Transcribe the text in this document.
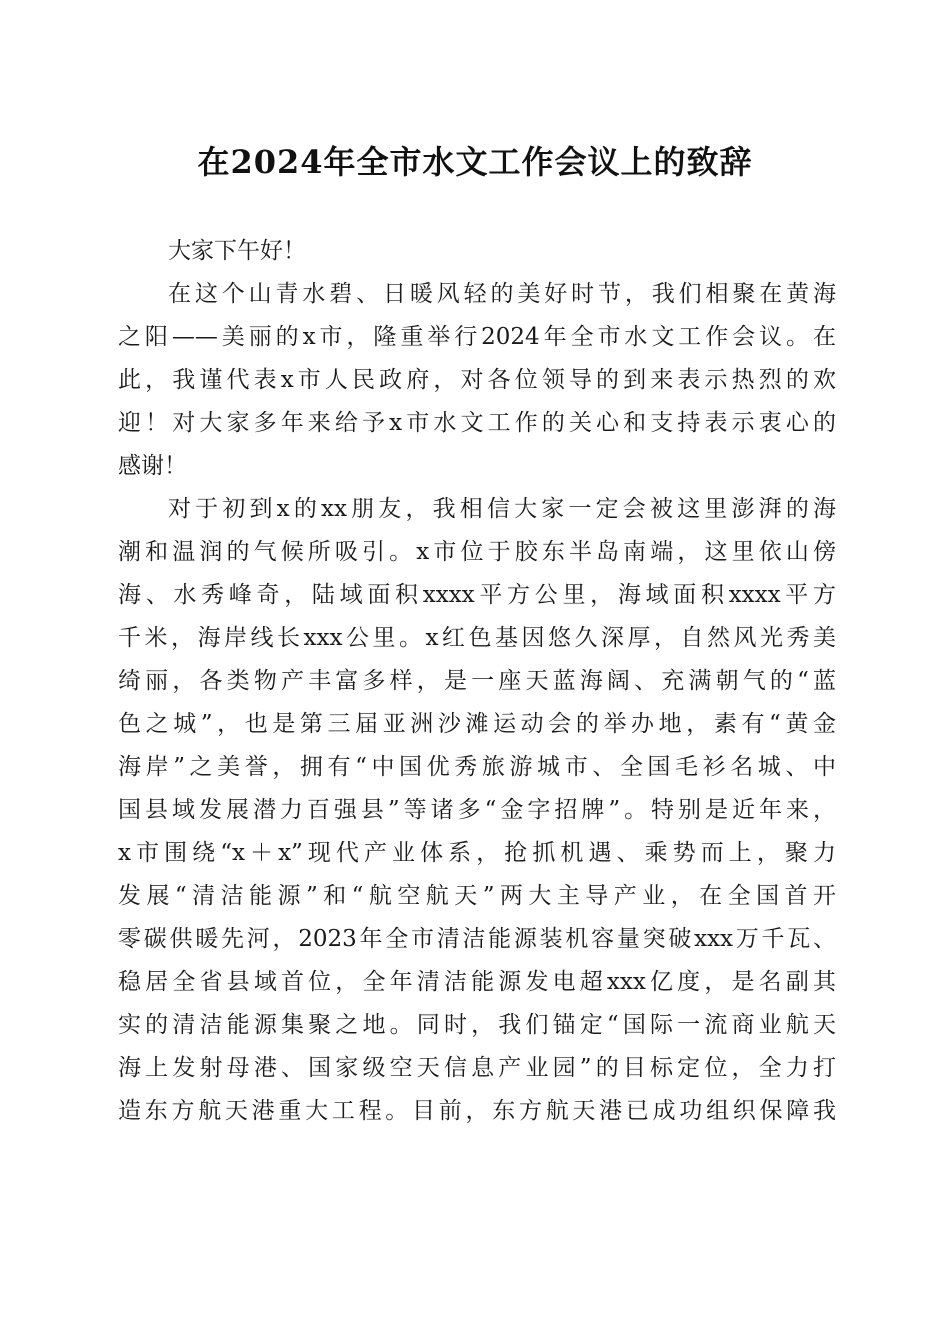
在2024年全市水文工作会议上的致辞
大家下午好！
在这个山青水碧、日暖风轻的美好时节，我们相聚在黄海
之阳——美丽的x市，隆重举行2024年全市水文工作会议。在
此，我谨代表x市人民政府，对各位领导的到来表示热烈的欢
迎！对大家多年来给予x市水文工作的关心和支持表示衷心的
感谢！
对于初到x的xx朋友，我相信大家一定会被这里澎湃的海
潮和温润的气候所吸引。x市位于胶东半岛南端，这里依山傍
海、水秀峰奇，陆域面积xxxx平方公里，海域面积xxxx平方
千米，海岸线长xxx公里。x红色基因悠久深厚，自然风光秀美
绮丽，各类物产丰富多样，是一座天蓝海阔、充满朝气的“蓝
色之城”，也是第三届亚洲沙滩运动会的举办地，素有“黄金
海岸”之美誉，拥有“中国优秀旅游城市、全国毛衫名城、中
国县域发展潜力百强县”等诸多“金字招牌”。特别是近年来，
x市围绕“x＋x”现代产业体系，抢抓机遇、乘势而上，聚力
发展“清洁能源”和“航空航天”两大主导产业，在全国首开
零碳供暖先河，2023年全市清洁能源装机容量突破xxx万千瓦、
稳居全省县域首位，全年清洁能源发电超xxx亿度，是名副其
实的清洁能源集聚之地。同时，我们锚定“国际一流商业航天
海上发射母港、国家级空天信息产业园”的目标定位，全力打
造东方航天港重大工程。目前，东方航天港已成功组织保障我
